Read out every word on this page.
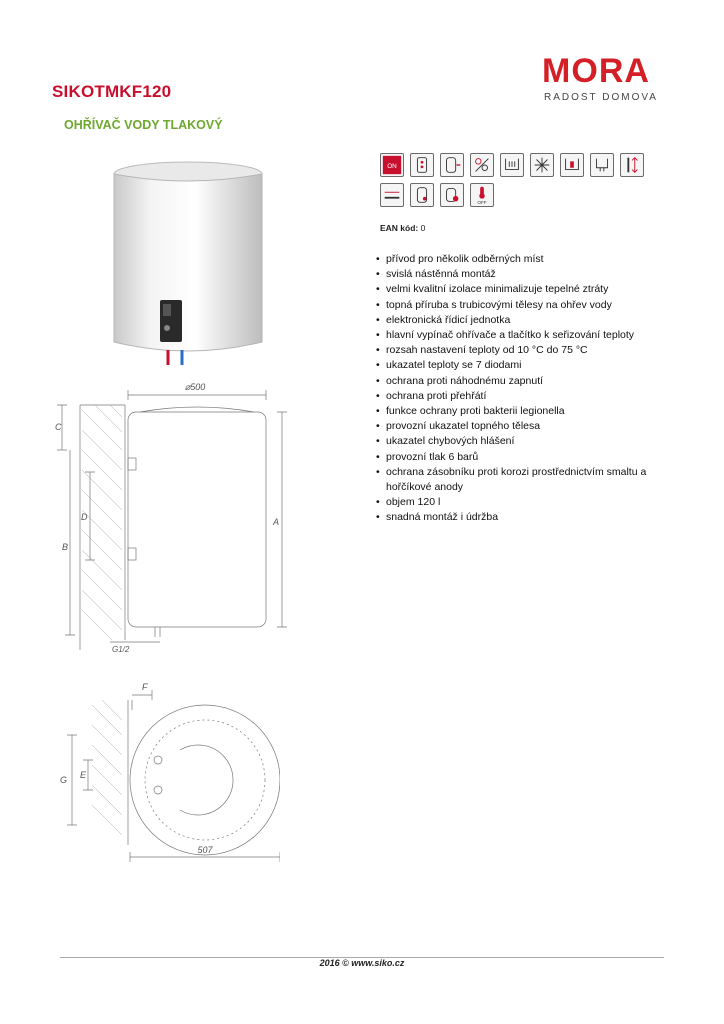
SIKOTMKF120
OHŘÍVAČ VODY TLAKOVÝ
MORA
RADOST DOMOVA
ON
OFF
EAN kód: 0
• přívod pro několik odběrných míst
• svislá nástěnná montáž
• velmi kvalitní izolace minimalizuje tepelné ztráty
• topná příruba s trubicovými tělesy na ohřev vody
• elektronická řídicí jednotka
• hlavní vypínač ohřívače a tlačítko k seřizování teploty
• rozsah nastavení teploty od 10 °C do 75 °C
• ukazatel teploty se 7 diodami
• ochrana proti náhodnému zapnutí
• ochrana proti přehřátí
• funkce ochrany proti bakterii legionella
• provozní ukazatel topného tělesa
• ukazatel chybových hlášení
• provozní tlak 6 barů
• ochrana zásobníku proti korozi prostřednictvím smaltu a hořčíkové anody
• objem 120 l
• snadná montáž i údržba
⌀500
C
B
D	A
G1/2
F
G E
507
2016 © www.siko.cz
